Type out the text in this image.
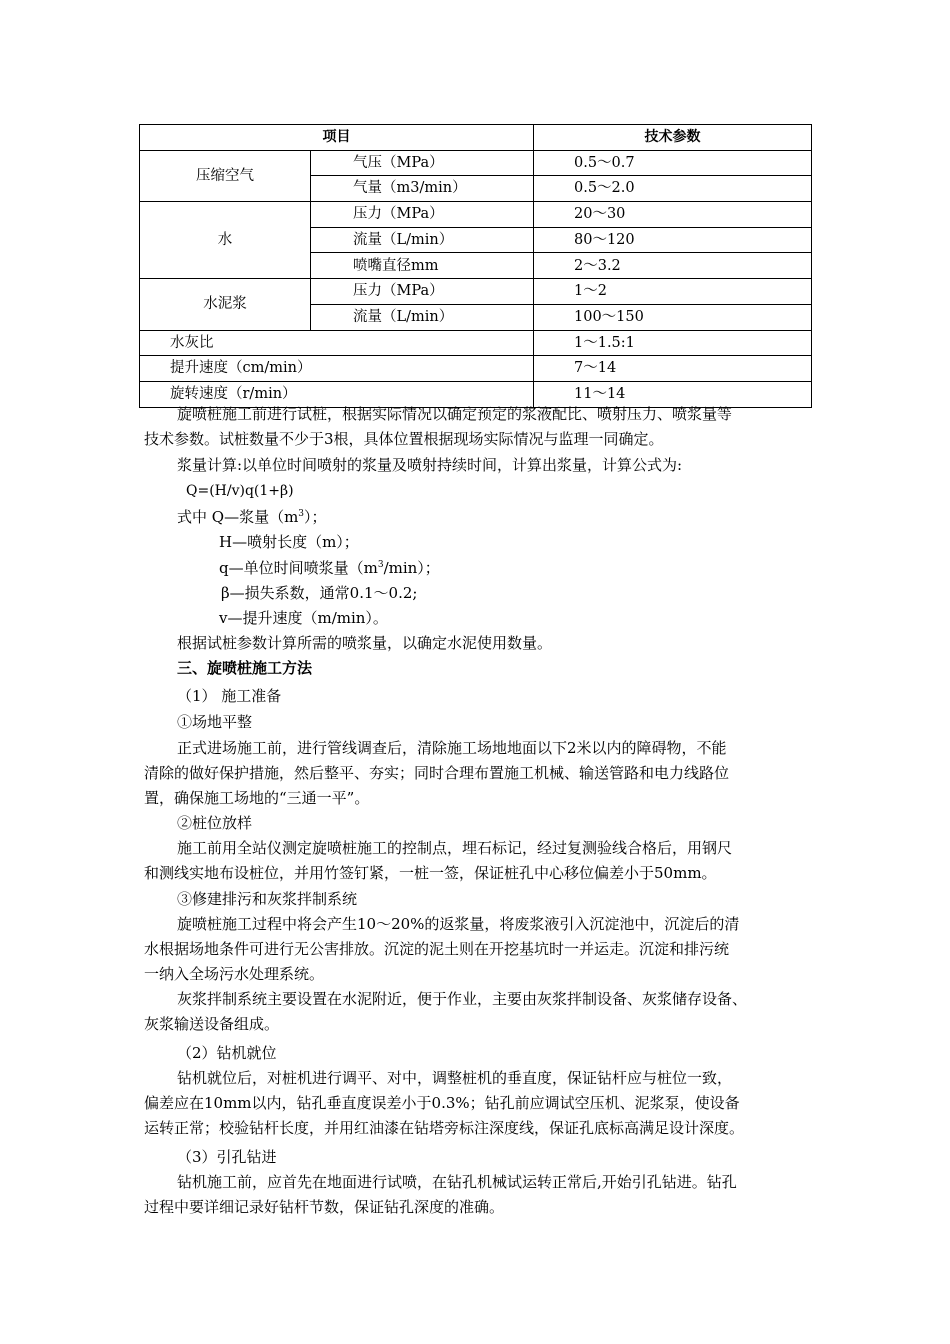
项目		技术参数
压缩空气	气压（MPa）	0.5～0.7
	气量（m3/min）	0.5～2.0
水	压力（MPa）	20～30
	流量（L/min）	80～120
	喷嘴直径mm	2～3.2
水泥浆	压力（MPa）	1～2
	流量（L/min）	100～150
水灰比		1～1.5:1
提升速度（cm/min）		7～14
旋转速度（r/min）		11～14
旋喷桩施工前进行试桩，根据实际情况以确定预定的浆液配比、喷射压力、喷浆量等
技术参数。试桩数量不少于3根，具体位置根据现场实际情况与监理一同确定。
浆量计算:以单位时间喷射的浆量及喷射持续时间，计算出浆量，计算公式为:
Q=(H/v)q(1+β)
式中 Q—浆量$(m^3)$；
H—喷射长度（m）；
q—单位时间喷浆量$(m^3/\min)$；
β—损失系数，通常0.1～0.2;
v—提升速度（m/min）。
根据试桩参数计算所需的喷浆量，以确定水泥使用数量。
三、旋喷桩施工方法
（1） 施工准备
①场地平整
正式进场施工前，进行管线调查后，清除施工场地地面以下2米以内的障碍物，不能
清除的做好保护措施，然后整平、夯实；同时合理布置施工机械、输送管路和电力线路位
置，确保施工场地的“三通一平”。
②桩位放样
施工前用全站仪测定旋喷桩施工的控制点，埋石标记，经过复测验线合格后，用钢尺
和测线实地布设桩位，并用竹签钉紧，一桩一签，保证桩孔中心移位偏差小于50mm。
③修建排污和灰浆拌制系统
旋喷桩施工过程中将会产生10～20%的返浆量，将废浆液引入沉淀池中，沉淀后的清
水根据场地条件可进行无公害排放。沉淀的泥土则在开挖基坑时一并运走。沉淀和排污统
一纳入全场污水处理系统。
灰浆拌制系统主要设置在水泥附近，便于作业，主要由灰浆拌制设备、灰浆储存设备、
灰浆输送设备组成。
（2）钻机就位
钻机就位后，对桩机进行调平、对中，调整桩机的垂直度，保证钻杆应与桩位一致，
偏差应在10mm以内，钻孔垂直度误差小于0.3%；钻孔前应调试空压机、泥浆泵，使设备
运转正常；校验钻杆长度，并用红油漆在钻塔旁标注深度线，保证孔底标高满足设计深度。
（3）引孔钻进
钻机施工前，应首先在地面进行试喷，在钻孔机械试运转正常后,开始引孔钻进。钻孔
过程中要详细记录好钻杆节数，保证钻孔深度的准确。
